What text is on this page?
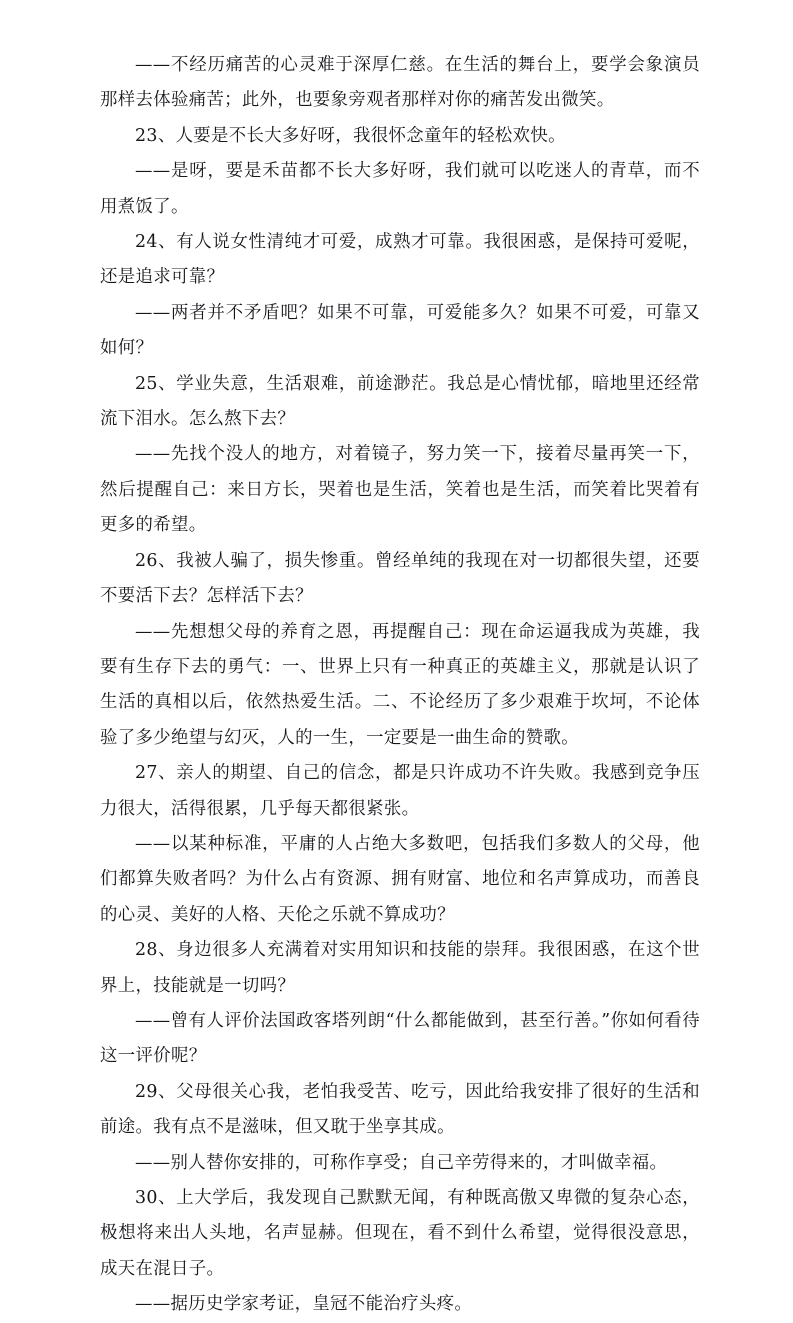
——不经历痛苦的心灵难于深厚仁慈。在生活的舞台上，要学会象演员那样去体验痛苦；此外，也要象旁观者那样对你的痛苦发出微笑。

23、人要是不长大多好呀，我很怀念童年的轻松欢快。

——是呀，要是禾苗都不长大多好呀，我们就可以吃迷人的青草，而不用煮饭了。

24、有人说女性清纯才可爱，成熟才可靠。我很困惑，是保持可爱呢，还是追求可靠？

——两者并不矛盾吧？如果不可靠，可爱能多久？如果不可爱，可靠又如何？

25、学业失意，生活艰难，前途渺茫。我总是心情忧郁，暗地里还经常流下泪水。怎么熬下去？

——先找个没人的地方，对着镜子，努力笑一下，接着尽量再笑一下，然后提醒自己：来日方长，哭着也是生活，笑着也是生活，而笑着比哭着有更多的希望。

26、我被人骗了，损失惨重。曾经单纯的我现在对一切都很失望，还要不要活下去？怎样活下去？

——先想想父母的养育之恩，再提醒自己：现在命运逼我成为英雄，我要有生存下去的勇气：一、世界上只有一种真正的英雄主义，那就是认识了生活的真相以后，依然热爱生活。二、不论经历了多少艰难于坎坷，不论体验了多少绝望与幻灭，人的一生，一定要是一曲生命的赞歌。

27、亲人的期望、自己的信念，都是只许成功不许失败。我感到竞争压力很大，活得很累，几乎每天都很紧张。

——以某种标准，平庸的人占绝大多数吧，包括我们多数人的父母，他们都算失败者吗？为什么占有资源、拥有财富、地位和名声算成功，而善良的心灵、美好的人格、天伦之乐就不算成功？

28、身边很多人充满着对实用知识和技能的崇拜。我很困惑，在这个世界上，技能就是一切吗？

——曾有人评价法国政客塔列朗“什么都能做到，甚至行善。”你如何看待这一评价呢？

29、父母很关心我，老怕我受苦、吃亏，因此给我安排了很好的生活和前途。我有点不是滋味，但又耽于坐享其成。

——别人替你安排的，可称作享受；自己辛劳得来的，才叫做幸福。

30、上大学后，我发现自己默默无闻，有种既高傲又卑微的复杂心态，极想将来出人头地，名声显赫。但现在，看不到什么希望，觉得很没意思，成天在混日子。

——据历史学家考证，皇冠不能治疗头疼。
